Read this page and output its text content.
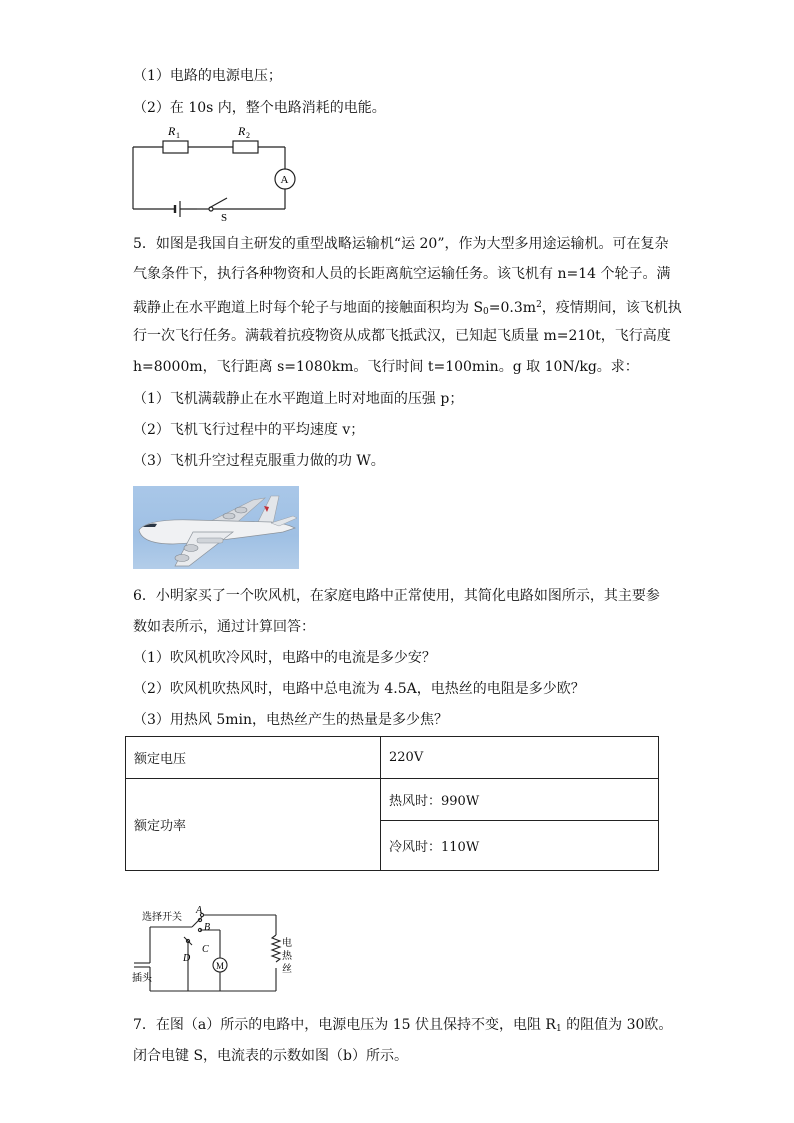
（1）电路的电源电压；
（2）在 10s 内，整个电路消耗的电能。
R 1	R 2
A
S
5．如图是我国自主研发的重型战略运输机“运 20”，作为大型多用途运输机。可在复杂
气象条件下，执行各种物资和人员的长距离航空运输任务。该飞机有 n=14 个轮子。满
载静止在水平跑道上时每个轮子与地面的接触面积均为 $S_0=0.3m^2$，疫情期间，该飞机执
行一次飞行任务。满载着抗疫物资从成都飞抵武汉，已知起飞质量 m=210t，飞行高度
h=8000m，飞行距离 s=1080km。飞行时间 t=100min。g 取 10N/kg。求：
（1）飞机满载静止在水平跑道上时对地面的压强 p；
（2）飞机飞行过程中的平均速度 v；
（3）飞机升空过程克服重力做的功 W。
6．小明家买了一个吹风机，在家庭电路中正常使用，其简化电路如图所示，其主要参
数如表所示，通过计算回答：
（1）吹风机吹冷风时，电路中的电流是多少安？
（2）吹风机吹热风时，电路中总电流为 4.5A，电热丝的电阻是多少欧？
（3）用热风 5min，电热丝产生的热量是多少焦？
额定电压	220V
额定功率	热风时：990W
	冷风时：110W
选择开关
A
B
C
D
M
插头
电
热
丝
7．在图（a）所示的电路中，电源电压为 15 伏且保持不变，电阻 $R_1$ 的阻值为 30欧。
闭合电键 S，电流表的示数如图（b）所示。
